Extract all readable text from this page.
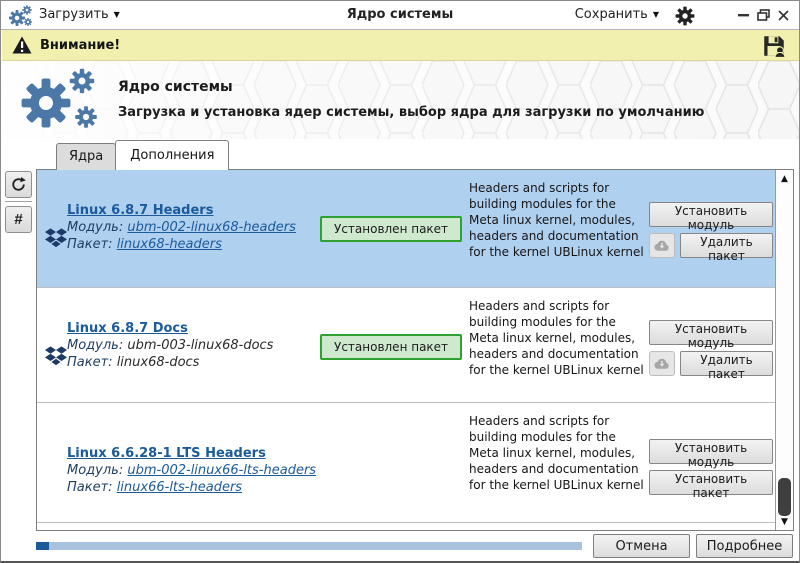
Загрузить ▼	Ядро системы	Сохранить ▼
Внимание!
Ядро системы
Загрузка и установка ядер системы, выбор ядра для загрузки по умолчанию
Ядра	Дополнения
#
Linux 6.8.7 Headers
Модуль: ubm-002-linux68-headers
Пакет: linux68-headers
Установлен пакет
Headers and scripts for building modules for the Meta linux kernel, modules, headers and documentation for the kernel UBLinux kernel
Установить модуль
Удалить пакет
Linux 6.8.7 Docs
Модуль: ubm-003-linux68-docs
Пакет: linux68-docs
Установлен пакет
Headers and scripts for building modules for the Meta linux kernel, modules, headers and documentation for the kernel UBLinux kernel
Установить модуль
Удалить пакет
Linux 6.6.28-1 LTS Headers
Модуль: ubm-002-linux66-lts-headers
Пакет: linux66-lts-headers
Headers and scripts for building modules for the Meta linux kernel, modules, headers and documentation for the kernel UBLinux kernel
Установить модуль
Установить пакет
▲
▼
Отмена	Подробнее
